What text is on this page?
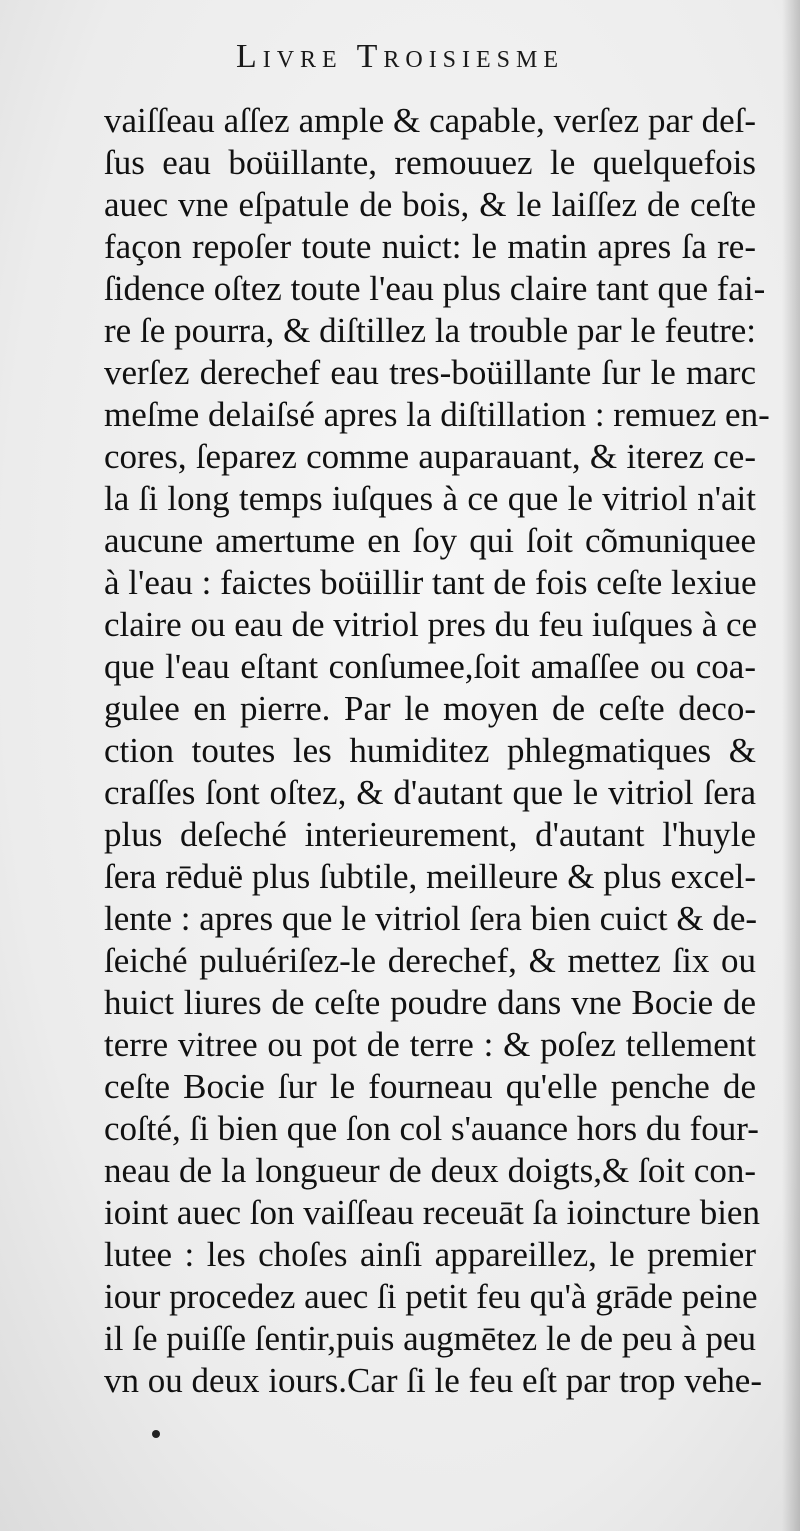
Livre Troisiesme
vaiſſeau aſſez ample & capable, verſez par deſ-
ſus eau boüillante, remouuez le quelquefois
auec vne eſpatule de bois, & le laiſſez de ceſte
façon repoſer toute nuict: le matin apres ſa re-
ſidence oſtez toute l'eau plus claire tant que fai-
re ſe pourra, & diſtillez la trouble par le feutre:
verſez derechef eau tres-boüillante ſur le marc
meſme delaiſsé apres la diſtillation : remuez en-
cores, ſeparez comme auparauant, & iterez ce-
la ſi long temps iuſques à ce que le vitriol n'ait
aucune amertume en ſoy qui ſoit cõmuniquee
à l'eau : faictes boüillir tant de fois ceſte lexiue
claire ou eau de vitriol pres du feu iuſques à ce
que l'eau eſtant conſumee,ſoit amaſſee ou coa-
gulee en pierre. Par le moyen de ceſte deco-
ction toutes les humiditez phlegmatiques &
craſſes ſont oſtez, & d'autant que le vitriol ſera
plus deſeché interieurement, d'autant l'huyle
ſera rēduë plus ſubtile, meilleure & plus excel-
lente : apres que le vitriol ſera bien cuict & de-
ſeiché puluériſez-le derechef, & mettez ſix ou
huict liures de ceſte poudre dans vne Bocie de
terre vitree ou pot de terre : & poſez tellement
ceſte Bocie ſur le fourneau qu'elle penche de
coſté, ſi bien que ſon col s'auance hors du four-
neau de la longueur de deux doigts,& ſoit con-
ioint auec ſon vaiſſeau receuāt ſa ioincture bien
lutee : les choſes ainſi appareillez, le premier
iour procedez auec ſi petit feu qu'à grāde peine
il ſe puiſſe ſentir,puis augmētez le de peu à peu
vn ou deux iours.Car ſi le feu eſt par trop vehe-
